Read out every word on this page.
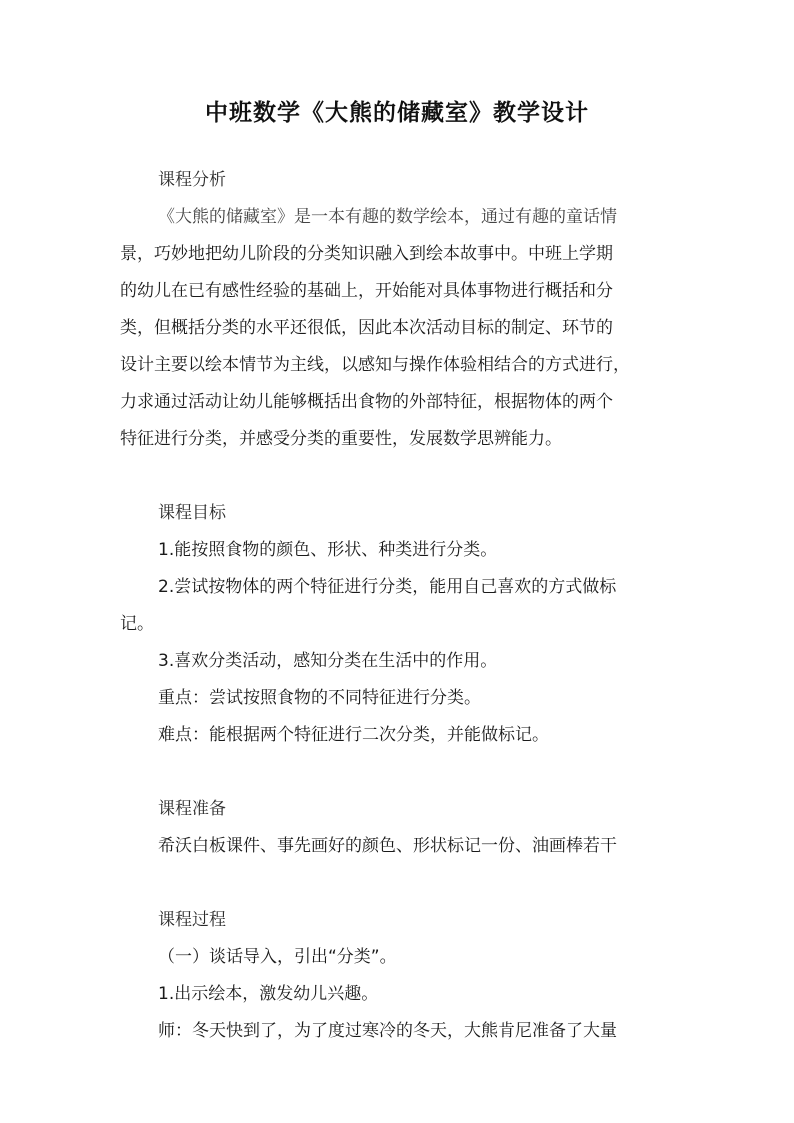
中班数学《大熊的储藏室》教学设计

课程分析

《大熊的储藏室》是一本有趣的数学绘本，通过有趣的童话情

景，巧妙地把幼儿阶段的分类知识融入到绘本故事中。中班上学期

的幼儿在已有感性经验的基础上，开始能对具体事物进行概括和分

类，但概括分类的水平还很低，因此本次活动目标的制定、环节的

设计主要以绘本情节为主线，以感知与操作体验相结合的方式进行，

力求通过活动让幼儿能够概括出食物的外部特征，根据物体的两个

特征进行分类，并感受分类的重要性，发展数学思辨能力。

课程目标

1.能按照食物的颜色、形状、种类进行分类。

2.尝试按物体的两个特征进行分类，能用自己喜欢的方式做标

记。

3.喜欢分类活动，感知分类在生活中的作用。

重点：尝试按照食物的不同特征进行分类。

难点：能根据两个特征进行二次分类，并能做标记。

课程准备

希沃白板课件、事先画好的颜色、形状标记一份、油画棒若干

课程过程

（一）谈话导入，引出“分类”。

1.出示绘本，激发幼儿兴趣。

师：冬天快到了，为了度过寒冷的冬天，大熊肯尼准备了大量
